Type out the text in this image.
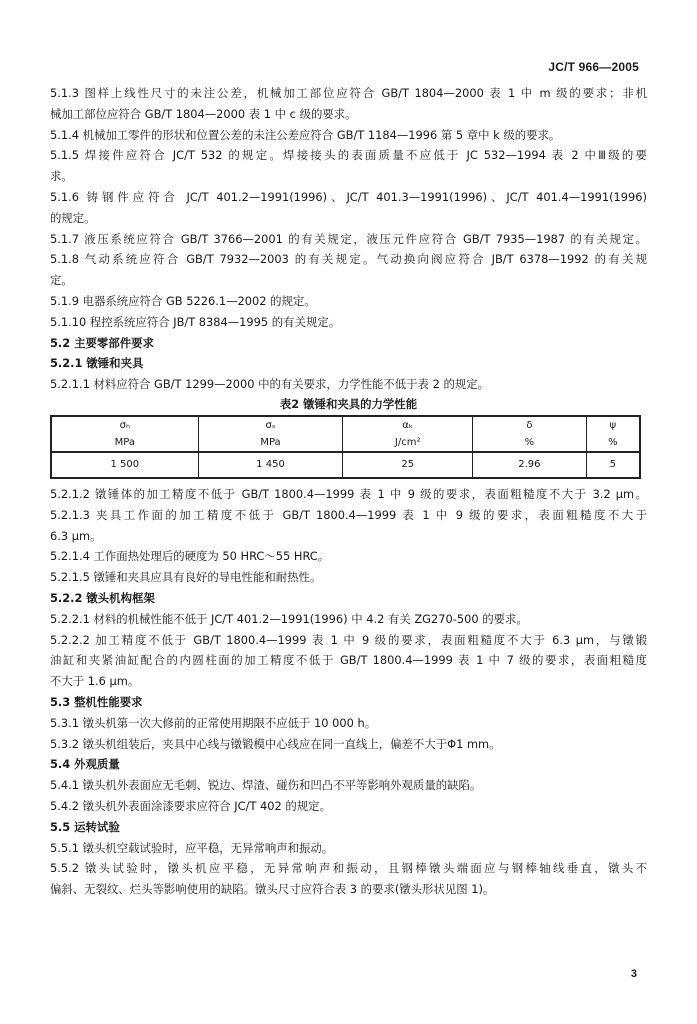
JC/T 966—2005
5.1.3 图样上线性尺寸的未注公差，机械加工部位应符合 GB/T 1804—2000 表 1 中 m 级的要求；非机
械加工部位应符合 GB/T 1804—2000 表 1 中 c 级的要求。
5.1.4 机械加工零件的形状和位置公差的未注公差应符合 GB/T 1184—1996 第 5 章中 k 级的要求。
5.1.5 焊接件应符合 JC/T 532 的规定。焊接接头的表面质量不应低于 JC 532—1994 表 2 中Ⅲ级的要
求。
5.1.6 铸钢件应符合 JC/T 401.2—1991(1996)、JC/T 401.3—1991(1996)、JC/T 401.4—1991(1996)
的规定。
5.1.7 液压系统应符合 GB/T 3766—2001 的有关规定，液压元件应符合 GB/T 7935—1987 的有关规定。
5.1.8 气动系统应符合 GB/T 7932—2003 的有关规定。气动换向阀应符合 JB/T 6378—1992 的有关规
定。
5.1.9 电器系统应符合 GB 5226.1—2002 的规定。
5.1.10 程控系统应符合 JB/T 8384—1995 的有关规定。
5.2 主要零部件要求
5.2.1 镦锤和夹具
5.2.1.1 材料应符合 GB/T 1299—2000 中的有关要求，力学性能不低于表 2 的规定。
表2 镦锤和夹具的力学性能
σₕ	σₛ	αₖ	δ	ψ
MPa	MPa	J/cm²	%	%
1 500	1 450	25	2.96	5
5.2.1.2 镦锤体的加工精度不低于 GB/T 1800.4—1999 表 1 中 9 级的要求，表面粗糙度不大于 3.2 μm。
5.2.1.3 夹具工作面的加工精度不低于 GB/T 1800.4—1999 表 1 中 9 级的要求，表面粗糙度不大于
6.3 μm。
5.2.1.4 工作面热处理后的硬度为 50 HRC～55 HRC。
5.2.1.5 镦锤和夹具应具有良好的导电性能和耐热性。
5.2.2 镦头机构框架
5.2.2.1 材料的机械性能不低于 JC/T 401.2—1991(1996) 中 4.2 有关 ZG270-500 的要求。
5.2.2.2 加工精度不低于 GB/T 1800.4—1999 表 1 中 9 级的要求，表面粗糙度不大于 6.3 μm，与镦锻
油缸和夹紧油缸配合的内圆柱面的加工精度不低于 GB/T 1800.4—1999 表 1 中 7 级的要求，表面粗糙度
不大于 1.6 μm。
5.3 整机性能要求
5.3.1 镦头机第一次大修前的正常使用期限不应低于 10 000 h。
5.3.2 镦头机组装后，夹具中心线与镦锻模中心线应在同一直线上，偏差不大于Φ1 mm。
5.4 外观质量
5.4.1 镦头机外表面应无毛刺、锐边、焊渣、碰伤和凹凸不平等影响外观质量的缺陷。
5.4.2 镦头机外表面涂漆要求应符合 JC/T 402 的规定。
5.5 运转试验
5.5.1 镦头机空载试验时，应平稳，无异常响声和振动。
5.5.2 镦头试验时，镦头机应平稳，无异常响声和振动，且钢棒镦头端面应与钢棒轴线垂直，镦头不
偏斜、无裂纹、烂头等影响使用的缺陷。镦头尺寸应符合表 3 的要求(镦头形状见图 1)。
3
